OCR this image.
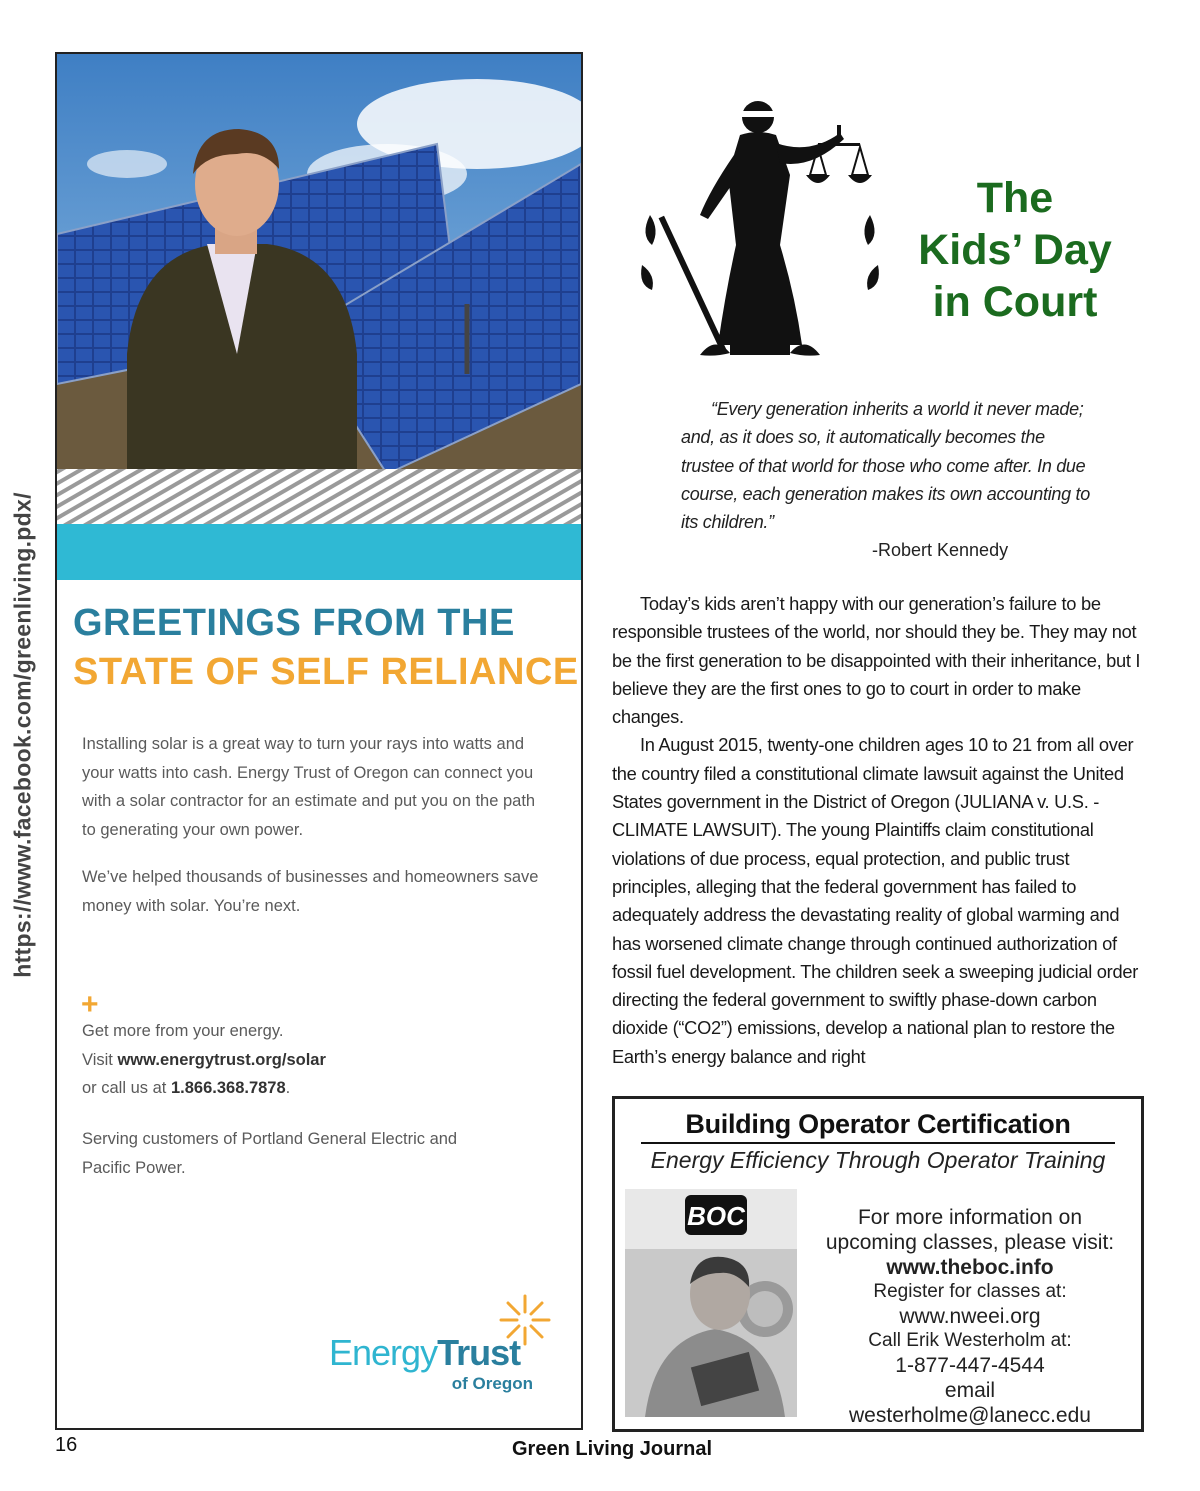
https://www.facebook.com/greenliving.pdx/ GREETINGS FROM THE
STATE OF SELF RELIANCE

Installing solar is a great way to turn your rays into watts and your watts into cash. Energy Trust of Oregon can connect you with a solar contractor for an estimate and put you on the path to generating your own power.

We’ve helped thousands of businesses and homeowners save money with solar. You’re next.

+
Get more from your energy.
Visit www.energytrust.org/solar
or call us at 1.866.368.7878.

Serving customers of Portland General Electric and Pacific Power.

EnergyTrust
of Oregon
The
Kids’ Day
in Court
“Every generation inherits a world it never made; and, as it does so, it automatically becomes the trustee of that world for those who come after. In due course, each generation makes its own accounting to its children.”
-Robert Kennedy

Today’s kids aren’t happy with our generation’s failure to be responsible trustees of the world, nor should they be. They may not be the first generation to be disappointed with their inheritance, but I believe they are the first ones to go to court in order to make changes.

In August 2015, twenty-one children ages 10 to 21 from all over the country filed a constitutional climate lawsuit against the United States government in the District of Oregon (JULIANA v. U.S. - CLIMATE LAWSUIT). The young Plaintiffs claim constitutional violations of due process, equal protection, and public trust principles, alleging that the federal government has failed to adequately address the devastating reality of global warming and has worsened climate change through continued authorization of fossil fuel development. The children seek a sweeping judicial order directing the federal government to swiftly phase-down carbon dioxide (“CO2”) emissions, develop a national plan to restore the Earth’s energy balance and right

Building Operator Certification
Energy Efficiency Through Operator Training
BOC	For more information on
upcoming classes, please visit:
www.theboc.info
Register for classes at:
www.nweei.org
Call Erik Westerholm at:
1-877-447-4544
email
westerholme@lanecc.edu
16	Green Living Journal
